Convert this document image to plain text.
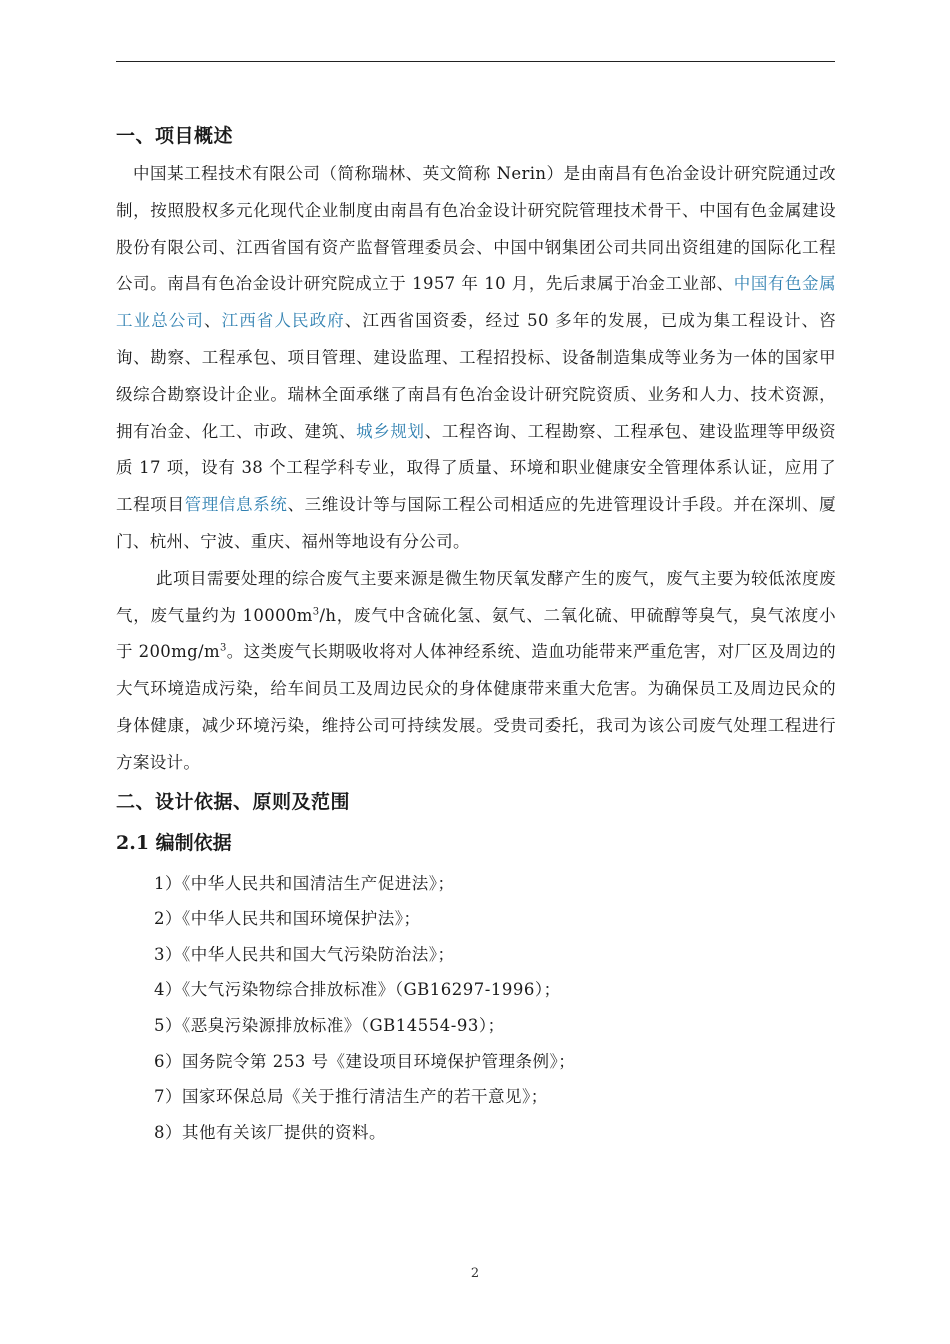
一、项目概述

中国某工程技术有限公司（简称瑞林、英文简称 Nerin）是由南昌有色冶金设计研究院通过改制，按照股权多元化现代企业制度由南昌有色冶金设计研究院管理技术骨干、中国有色金属建设股份有限公司、江西省国有资产监督管理委员会、中国中钢集团公司共同出资组建的国际化工程公司。南昌有色冶金设计研究院成立于 1957 年 10 月，先后隶属于冶金工业部、中国有色金属工业总公司、江西省人民政府、江西省国资委，经过 50 多年的发展，已成为集工程设计、咨询、勘察、工程承包、项目管理、建设监理、工程招投标、设备制造集成等业务为一体的国家甲级综合勘察设计企业。瑞林全面承继了南昌有色冶金设计研究院资质、业务和人力、技术资源，拥有冶金、化工、市政、建筑、城乡规划、工程咨询、工程勘察、工程承包、建设监理等甲级资质 17 项，设有 38 个工程学科专业，取得了质量、环境和职业健康安全管理体系认证，应用了工程项目管理信息系统、三维设计等与国际工程公司相适应的先进管理设计手段。并在深圳、厦门、杭州、宁波、重庆、福州等地设有分公司。

此项目需要处理的综合废气主要来源是微生物厌氧发酵产生的废气，废气主要为较低浓度废气，废气量约为 $10000m^3/h$，废气中含硫化氢、氨气、二氧化硫、甲硫醇等臭气，臭气浓度小于 $200mg/m^3$。这类废气长期吸收将对人体神经系统、造血功能带来严重危害，对厂区及周边的大气环境造成污染，给车间员工及周边民众的身体健康带来重大危害。为确保员工及周边民众的身体健康，减少环境污染，维持公司可持续发展。受贵司委托，我司为该公司废气处理工程进行方案设计。

二、设计依据、原则及范围
2.1 编制依据
1）《中华人民共和国清洁生产促进法》；
2）《中华人民共和国环境保护法》；
3）《中华人民共和国大气污染防治法》；
4）《大气污染物综合排放标准》（GB16297-1996）；
5）《恶臭污染源排放标准》（GB14554-93）；
6）国务院令第 253 号《建设项目环境保护管理条例》；
7）国家环保总局《关于推行清洁生产的若干意见》；
8）其他有关该厂提供的资料。
2
